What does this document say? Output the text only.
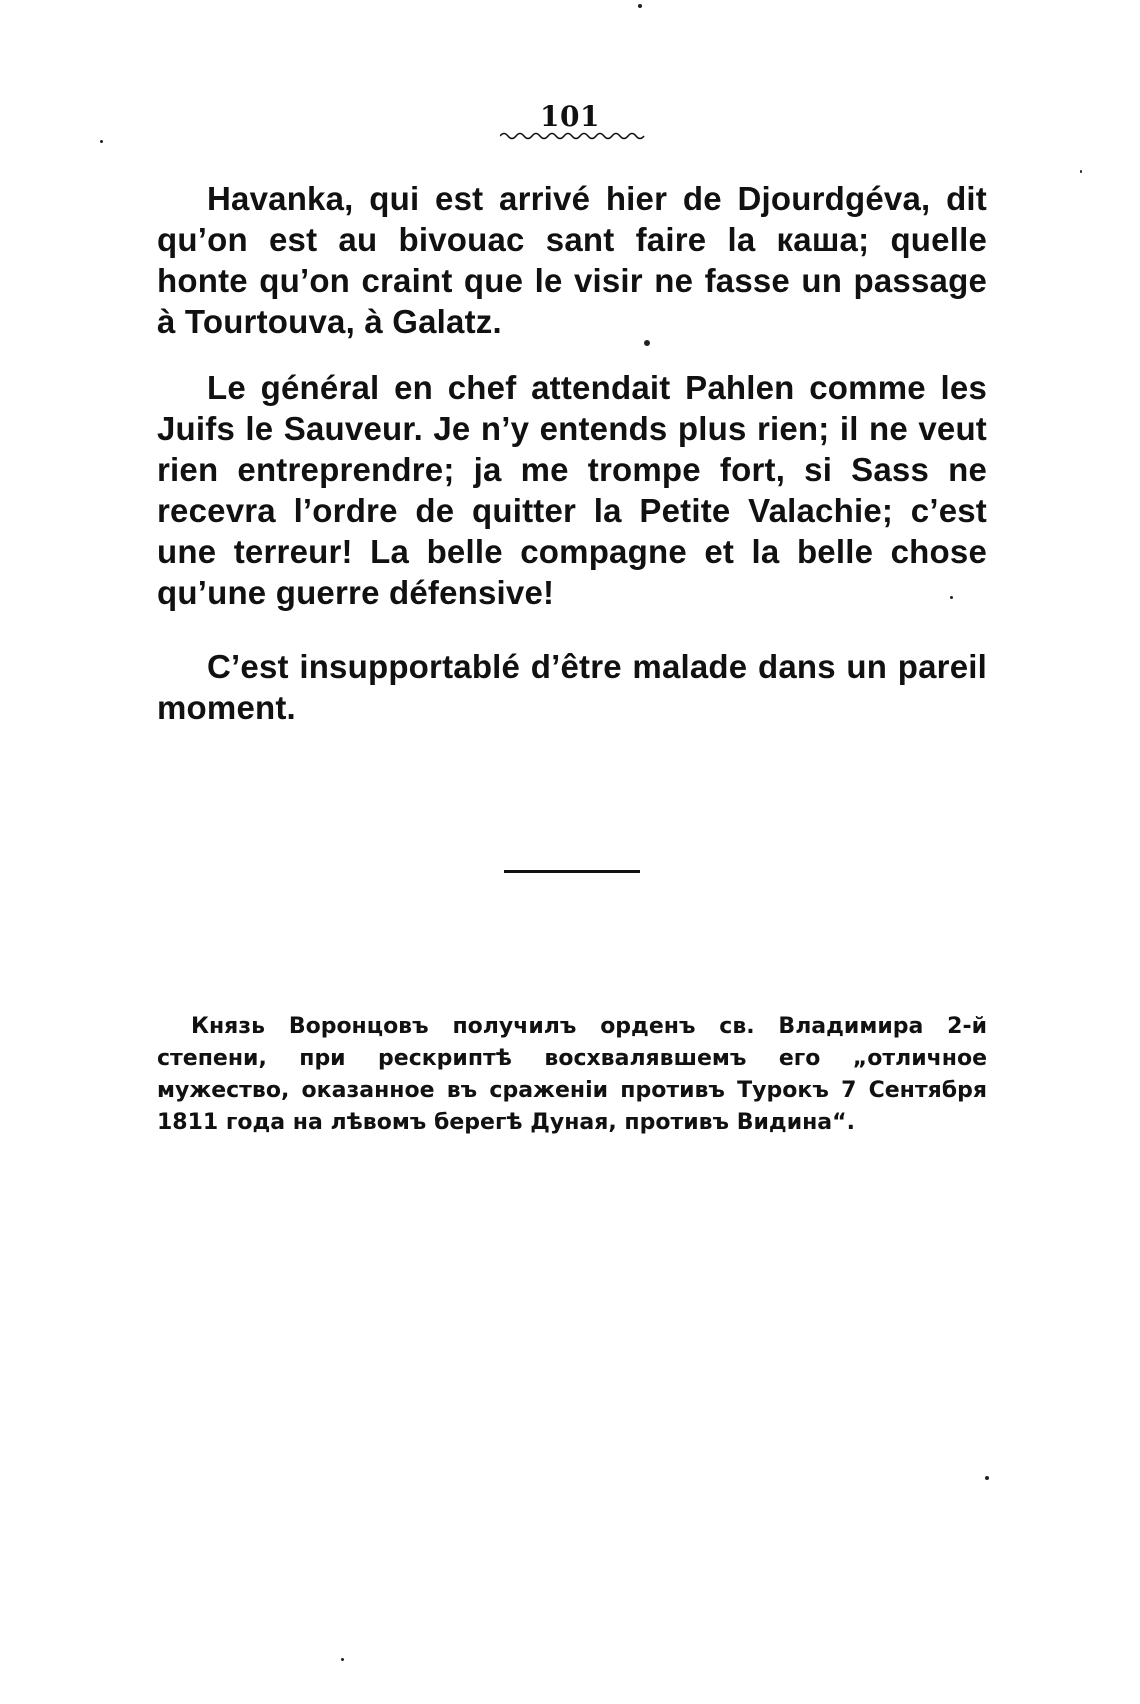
101

Havanka, qui est arrivé hier de Djourdgéva, dit qu’on est au bivouac sant faire la каша; quelle honte qu’on craint que le visir ne fasse un passage à Tourtouva, à Galatz.

Le général en chef attendait Pahlen comme les Juifs le Sauveur. Je n’y entends plus rien; il ne veut rien entreprendre; ja me trompe fort, si Sass ne recevra l’ordre de quitter la Petite Valachie; c’est une terreur! La belle compagne et la belle chose qu’une guerre défensive!

C’est insupportablé d’être malade dans un pareil moment.

Князь Воронцовъ получилъ орденъ св. Владимира 2-й степени, при рескриптѣ восхвалявшемъ его „отличное мужество, оказанное въ сраженіи противъ Турокъ 7 Сентября 1811 года на лѣвомъ берегѣ Дуная, противъ Видина“.
